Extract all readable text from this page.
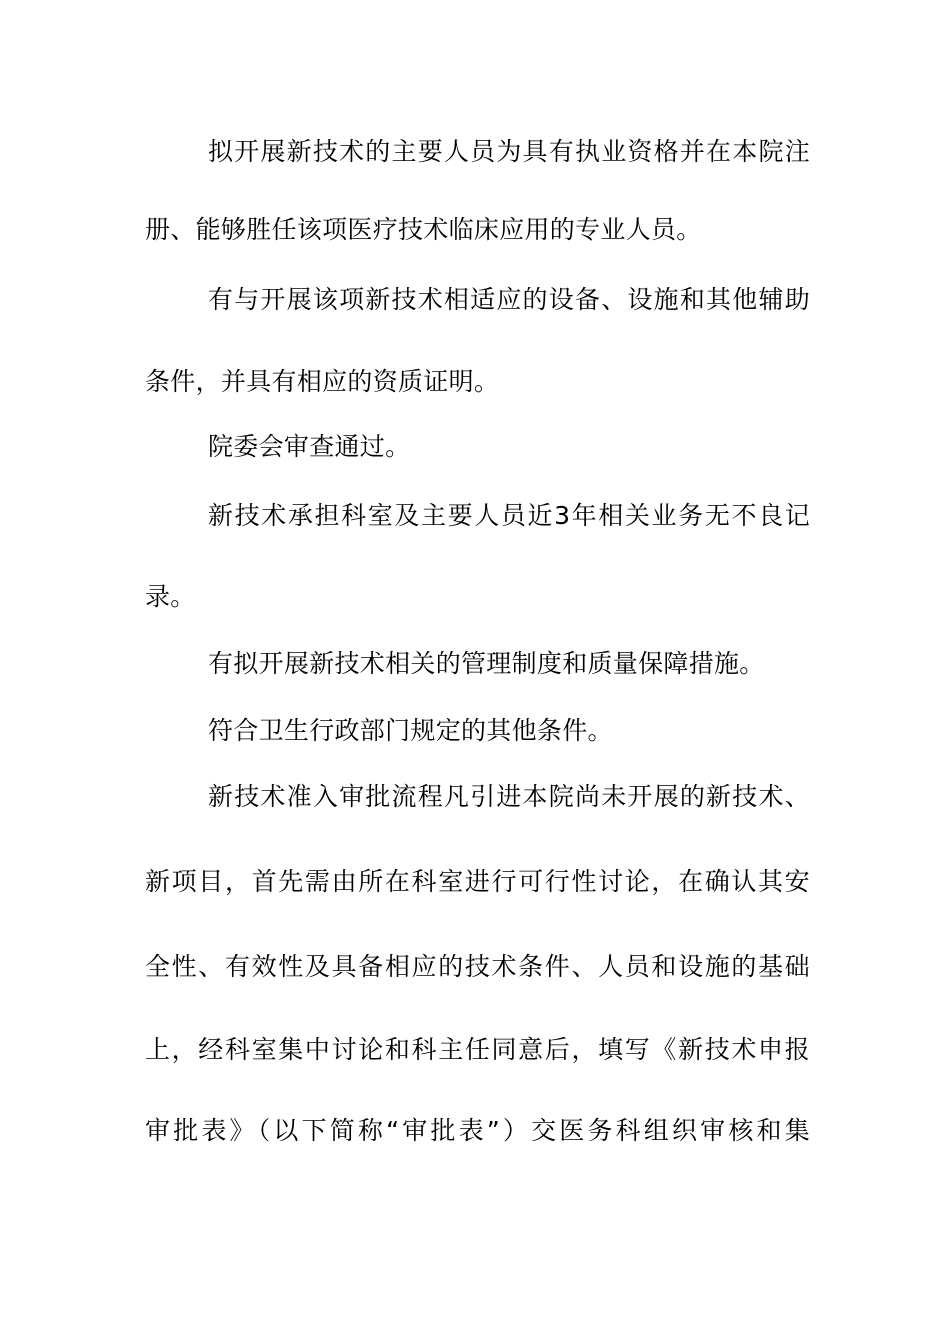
拟开展新技术的主要人员为具有执业资格并在本院注
册、能够胜任该项医疗技术临床应用的专业人员。
有与开展该项新技术相适应的设备、设施和其他辅助
条件，并具有相应的资质证明。
院委会审查通过。
新技术承担科室及主要人员近3年相关业务无不良记
录。
有拟开展新技术相关的管理制度和质量保障措施。
符合卫生行政部门规定的其他条件。
新技术准入审批流程凡引进本院尚未开展的新技术、
新项目，首先需由所在科室进行可行性讨论，在确认其安
全性、有效性及具备相应的技术条件、人员和设施的基础
上，经科室集中讨论和科主任同意后，填写《新技术申报
审批表》（以下简称“审批表”）交医务科组织审核和集
